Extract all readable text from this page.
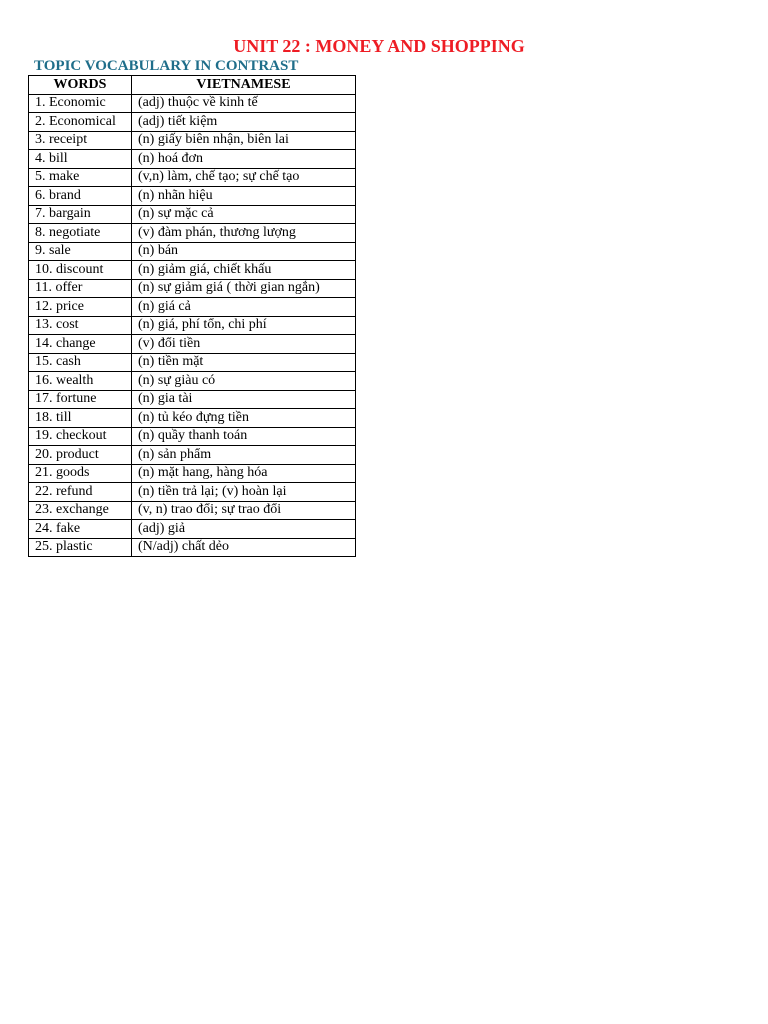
UNIT 22 : MONEY AND SHOPPING
TOPIC VOCABULARY IN CONTRAST
WORDS	VIETNAMESE
1. Economic	(adj) thuộc về kinh tế
2. Economical	(adj) tiết kiệm
3. receipt	(n) giấy biên nhận, biên lai
4. bill	(n) hoá đơn
5. make	(v,n) làm, chế tạo; sự chế tạo
6. brand	(n) nhãn hiệu
7. bargain	(n) sự mặc cả
8. negotiate	(v) đàm phán, thương lượng
9. sale	(n) bán
10. discount	(n) giảm giá, chiết khấu
11. offer	(n) sự giảm giá ( thời gian ngắn)
12. price	(n) giá cả
13. cost	(n) giá, phí tổn, chi phí
14. change	(v) đổi tiền
15. cash	(n) tiền mặt
16. wealth	(n) sự giàu có
17. fortune	(n) gia tài
18. till	(n) tủ kéo đựng tiền
19. checkout	(n) quầy thanh toán
20. product	(n) sản phẩm
21. goods	(n) mặt hang, hàng hóa
22. refund	(n) tiền trả lại; (v) hoàn lại
23. exchange	(v, n) trao đổi; sự trao đổi
24. fake	(adj) giả
25. plastic	(N/adj) chất dẻo
